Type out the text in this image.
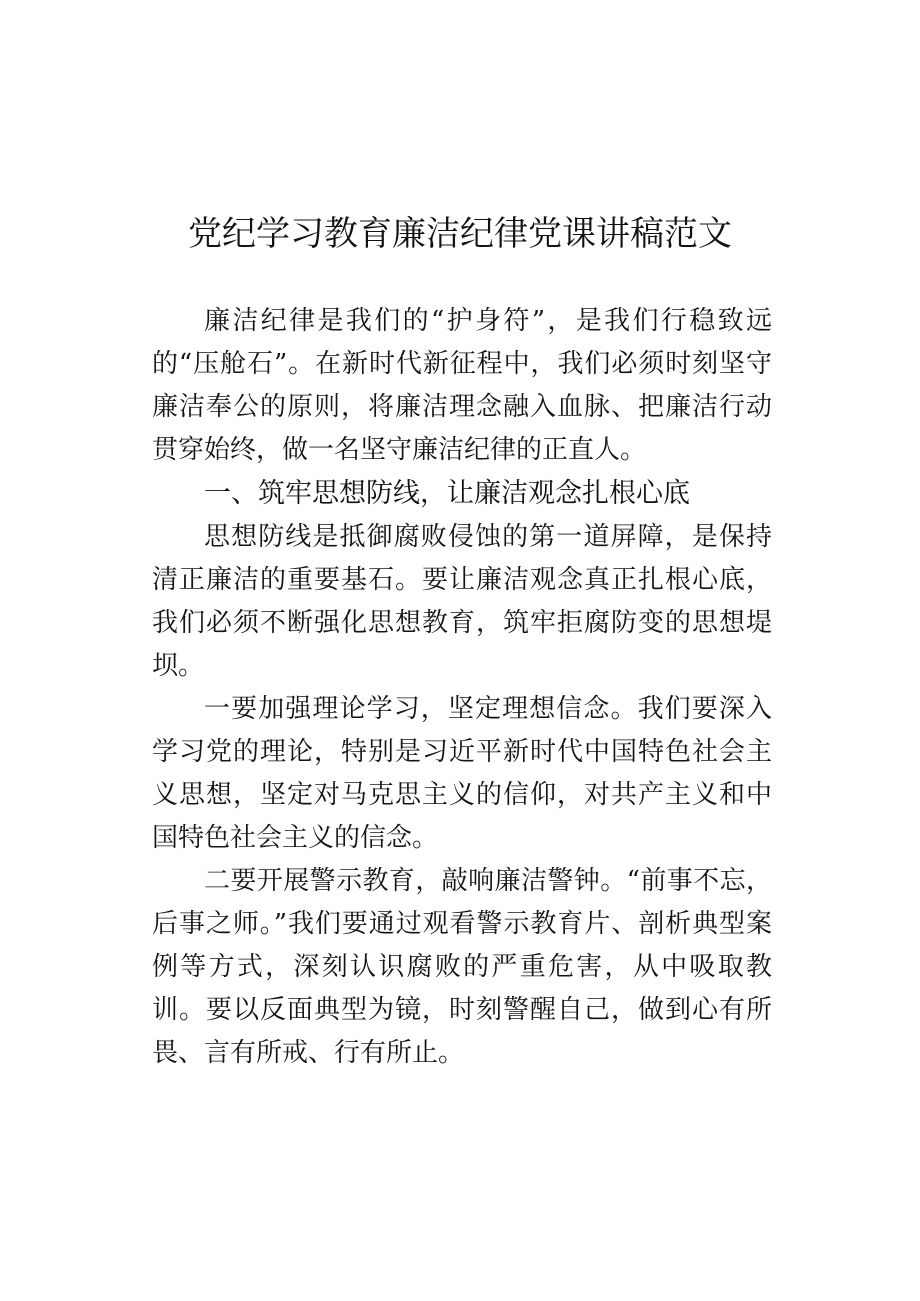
党纪学习教育廉洁纪律党课讲稿范文

廉洁纪律是我们的“护身符”，是我们行稳致远的“压舱石”。在新时代新征程中，我们必须时刻坚守廉洁奉公的原则，将廉洁理念融入血脉、把廉洁行动贯穿始终，做一名坚守廉洁纪律的正直人。

一、筑牢思想防线，让廉洁观念扎根心底

思想防线是抵御腐败侵蚀的第一道屏障，是保持清正廉洁的重要基石。要让廉洁观念真正扎根心底，我们必须不断强化思想教育，筑牢拒腐防变的思想堤坝。

一要加强理论学习，坚定理想信念。我们要深入学习党的理论，特别是习近平新时代中国特色社会主义思想，坚定对马克思主义的信仰，对共产主义和中国特色社会主义的信念。

二要开展警示教育，敲响廉洁警钟。“前事不忘，后事之师。”我们要通过观看警示教育片、剖析典型案例等方式，深刻认识腐败的严重危害，从中吸取教训。要以反面典型为镜，时刻警醒自己，做到心有所畏、言有所戒、行有所止。
